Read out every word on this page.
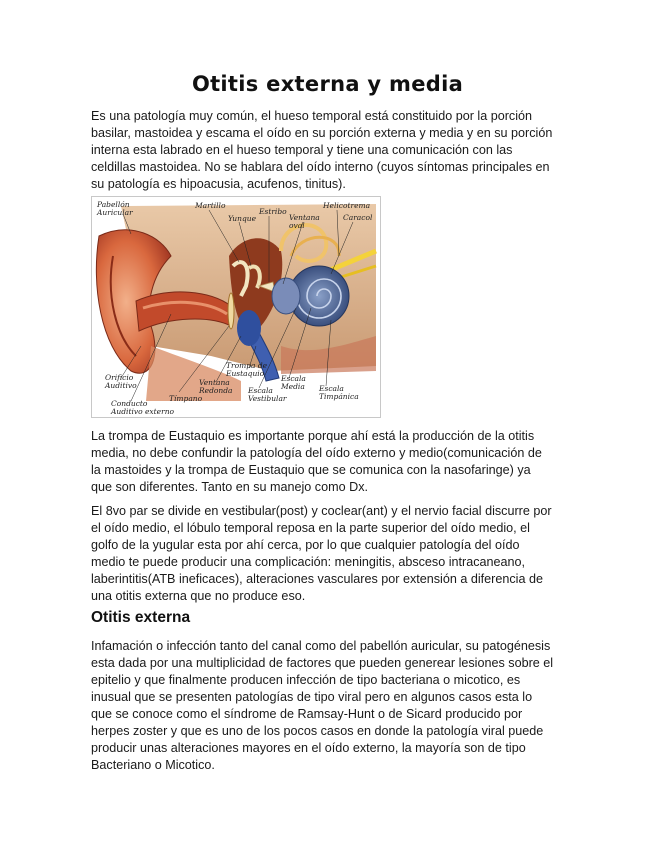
Otitis externa y media
Es una patología muy común, el hueso temporal está constituido por la porción
basilar, mastoidea y escama el oído en su porción externa y media y en su porción
interna esta labrado en el hueso temporal y tiene una comunicación con las
celdillas mastoidea. No se hablara del oído interno (cuyos síntomas principales en
su patología es hipoacusia, acufenos, tinitus).
Pabellón
Auricular
Martillo
Yunque
Estribo
Ventana
oval
Helicotrema
Caracol
Trompa de
Eustaquio
Orificio
Auditivo	Ventana
Redonda
Escala
Media
Escala
Vestibular
Escala
Timpánica
Tímpano
Conducto
Auditivo externo
La trompa de Eustaquio es importante porque ahí está la producción de la otitis
media, no debe confundir la patología del oído externo y medio(comunicación de
la mastoides y la trompa de Eustaquio que se comunica con la nasofaringe) ya
que son diferentes. Tanto en su manejo como Dx.
El 8vo par se divide en vestibular(post) y coclear(ant) y el nervio facial discurre por
el oído medio, el lóbulo temporal reposa en la parte superior del oído medio, el
golfo de la yugular esta por ahí cerca, por lo que cualquier patología del oído
medio te puede producir una complicación: meningitis, absceso intracaneano,
laberintitis(ATB ineficaces), alteraciones vasculares por extensión a diferencia de
una otitis externa que no produce eso.
Otitis externa
Infamación o infección tanto del canal como del pabellón auricular, su patogénesis
esta dada por una multiplicidad de factores que pueden generear lesiones sobre el
epitelio y que finalmente producen infección de tipo bacteriana o micotico, es
inusual que se presenten patologías de tipo viral pero en algunos casos esta lo
que se conoce como el síndrome de Ramsay-Hunt o de Sicard producido por
herpes zoster y que es uno de los pocos casos en donde la patología viral puede
producir unas alteraciones mayores en el oído externo, la mayoría son de tipo
Bacteriano o Micotico.
